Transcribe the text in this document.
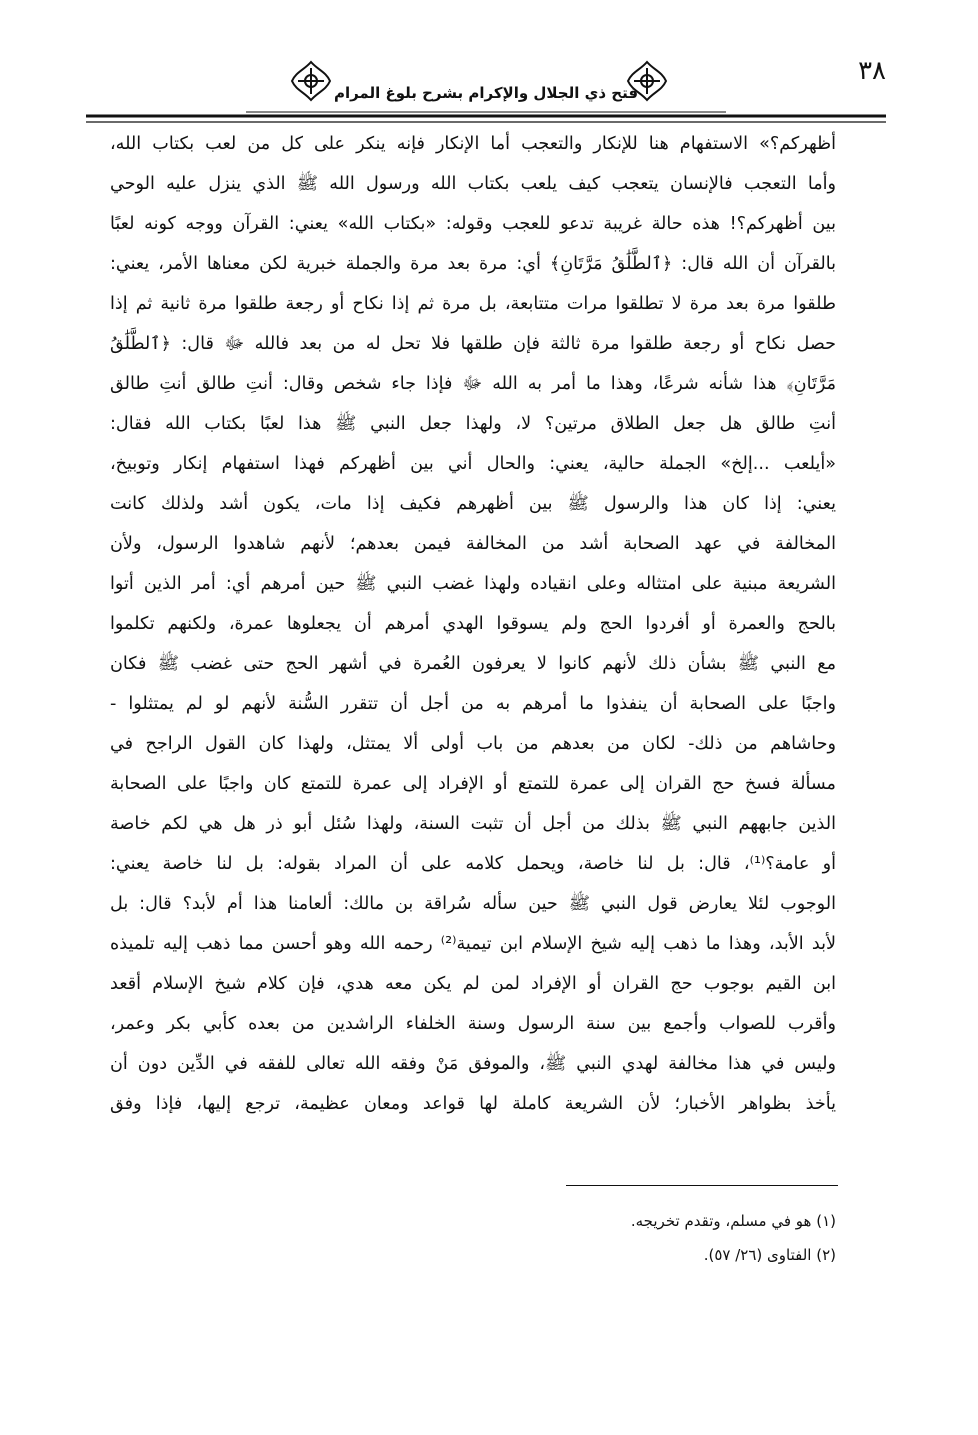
٣٨
فتح ذي الجلال والإكرام بشرح بلوغ المرام
أظهركم؟» الاستفهام هنا للإنكار والتعجب أما الإنكار فإنه ينكر على كل من لعب بكتاب الله،
وأما التعجب فالإنسان يتعجب كيف يلعب بكتاب الله ورسول الله ﷺ الذي ينزل عليه الوحي
بين أظهركم؟! هذه حالة غريبة تدعو للعجب وقوله: «بكتاب الله» يعني: القرآن ووجه كونه لعبًا
بالقرآن أن الله قال: ﴿ٱلطَّلَٰقُ مَرَّتَانِ﴾ أي: مرة بعد مرة والجملة خبرية لكن معناها الأمر، يعني:
طلقوا مرة بعد مرة لا تطلقوا مرات متتابعة، بل مرة ثم إذا نكاح أو رجعة طلقوا مرة ثانية ثم إذا
حصل نكاح أو رجعة طلقوا مرة ثالثة فإن طلقها فلا تحل له من بعد فالله ﷻ قال: ﴿ٱلطَّلَٰقُ
مَرَّتَانِ﴾ هذا شأنه شرعًا، وهذا ما أمر به الله ﷻ فإذا جاء شخص وقال: أنتِ طالق أنتِ طالق
أنتِ طالق هل جعل الطلاق مرتين؟ لا، ولهذا جعل النبي ﷺ هذا لعبًا بكتاب الله فقال:
«أيلعب ...إلخ» الجملة حالية، يعني: والحال أني بين أظهركم فهذا استفهام إنكار وتوبيخ،
يعني: إذا كان هذا والرسول ﷺ بين أظهرهم فكيف إذا مات، يكون أشد ولذلك كانت
المخالفة في عهد الصحابة أشد من المخالفة فيمن بعدهم؛ لأنهم شاهدوا الرسول، ولأن
الشريعة مبنية على امتثاله وعلى انقياده ولهذا غضب النبي ﷺ حين أمرهم أي: أمر الذين أتوا
بالحج والعمرة أو أفردوا الحج ولم يسوقوا الهدي أمرهم أن يجعلوها عمرة، ولكنهم تكلموا
مع النبي ﷺ بشأن ذلك لأنهم كانوا لا يعرفون العُمرة في أشهر الحج حتى غضب ﷺ فكان
واجبًا على الصحابة أن ينفذوا ما أمرهم به من أجل أن تتقرر السُّنة لأنهم لو لم يمتثلوا -
وحاشاهم من ذلك- لكان من بعدهم من باب أولى ألا يمتثل، ولهذا كان القول الراجح في
مسألة فسخ حج القران إلى عمرة للتمتع أو الإفراد إلى عمرة للتمتع كان واجبًا على الصحابة
الذين جابههم النبي ﷺ بذلك من أجل أن تثبت السنة، ولهذا سُئل أبو ذر هل هي لكم خاصة
أو عامة؟⁽¹⁾، قال: بل لنا خاصة، ويحمل كلامه على أن المراد بقوله: بل لنا خاصة يعني:
الوجوب لئلا يعارض قول النبي ﷺ حين سأله سُراقة بن مالك: ألعامنا هذا أم لأبد؟ قال: بل
لأبد الأبد، وهذا ما ذهب إليه شيخ الإسلام ابن تيمية⁽²⁾ رحمه الله وهو أحسن مما ذهب إليه تلميذه
ابن القيم بوجوب حج القران أو الإفراد لمن لم يكن معه هدي، فإن كلام شيخ الإسلام أقعد
وأقرب للصواب وأجمع بين سنة الرسول وسنة الخلفاء الراشدين من بعده كأبي بكر وعمر،
وليس في هذا مخالفة لهدي النبي ﷺ، والموفق مَنْ وفقه الله تعالى للفقه في الدِّين دون أن
يأخذ بظواهر الأخبار؛ لأن الشريعة كاملة لها قواعد ومعان عظيمة، ترجع إليها، فإذا وفق
(١) هو في مسلم، وتقدم تخريجه.
(٢) الفتاوى (٢٦/ ٥٧).
